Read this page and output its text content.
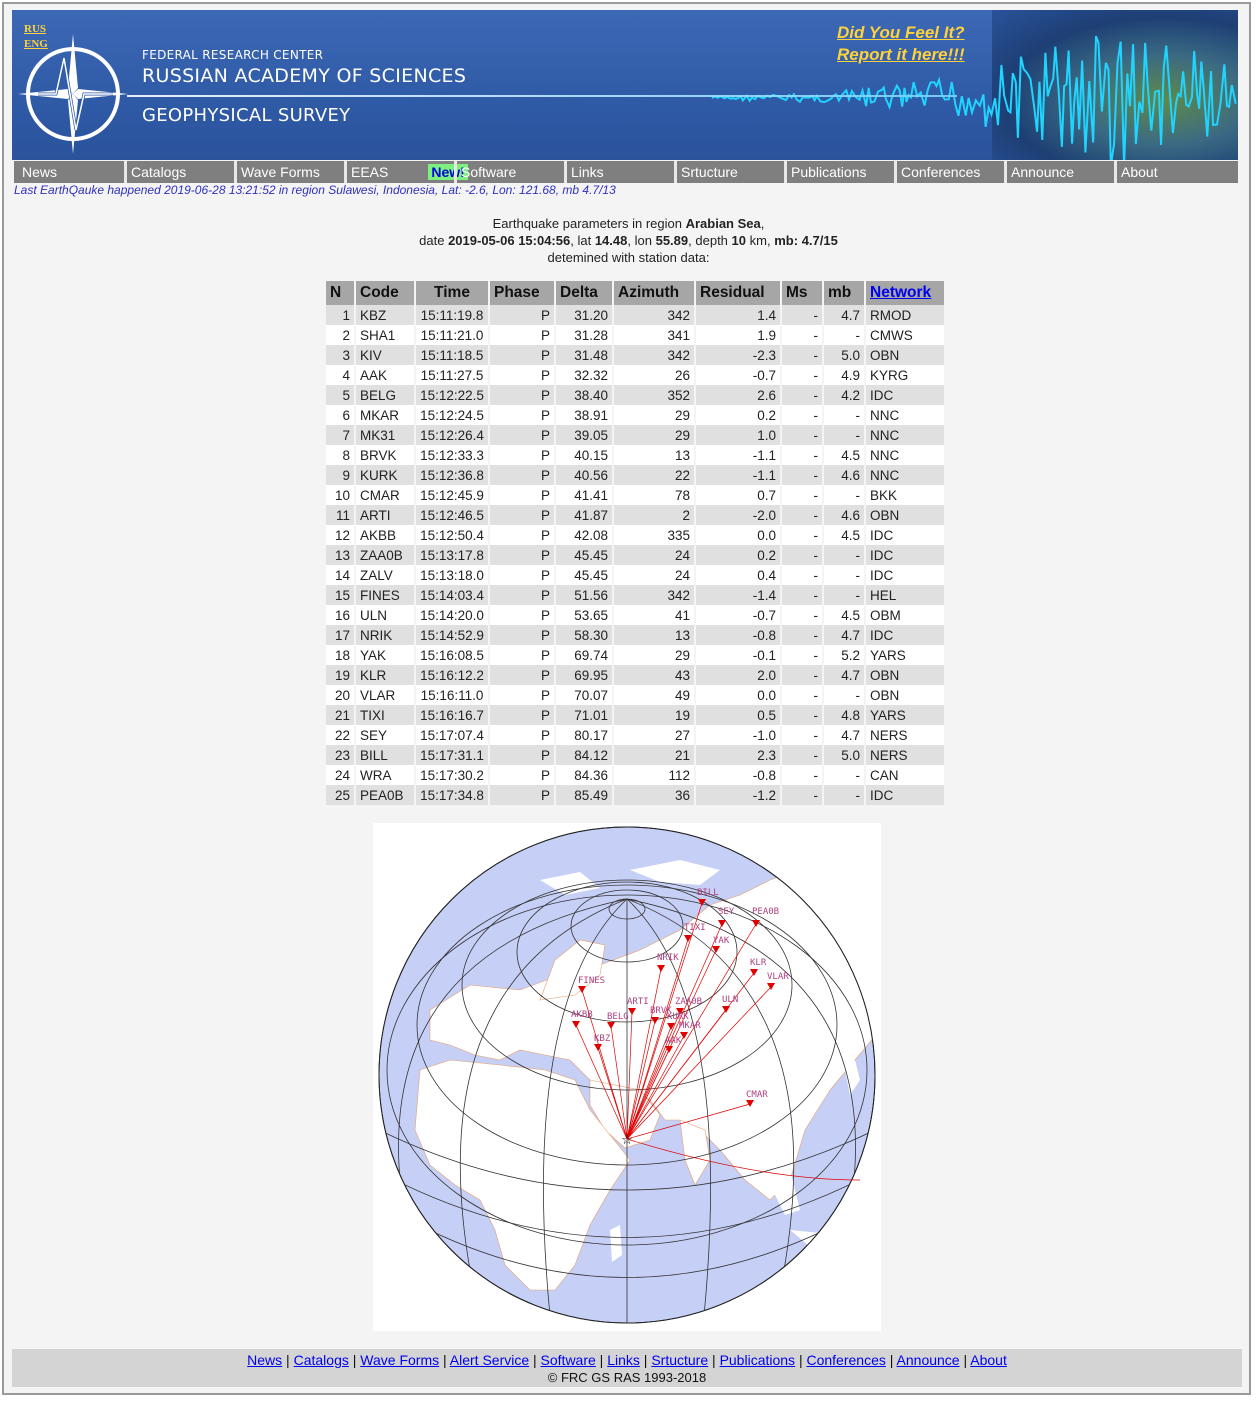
RUS
ENG
FEDERAL RESEARCH CENTER
RUSSIAN ACADEMY OF SCIENCES
GEOPHYSICAL SURVEY
Did You Feel It?
Report it here!!!
News	Catalogs	Wave Forms	EEAS	New!
Software	Links	Srtucture	Publications	Conferences	Announce	About
Last EarthQauke happened 2019-06-28 13:21:52 in region Sulawesi, Indonesia, Lat: -2.6, Lon: 121.68, mb 4.7/13
Earthquake parameters in region Arabian Sea,
date 2019-05-06 15:04:56, lat 14.48, lon 55.89, depth 10 km, mb: 4.7/15
detemined with station data:
N	Code	Time	Phase	Delta	Azimuth	Residual	Ms	mb	Network
1	KBZ	15:11:19.8	P	31.20	342	1.4	-	4.7	RMOD
2	SHA1	15:11:21.0	P	31.28	341	1.9	-	-	CMWS
3	KIV	15:11:18.5	P	31.48	342	-2.3	-	5.0	OBN
4	AAK	15:11:27.5	P	32.32	26	-0.7	-	4.9	KYRG
5	BELG	15:12:22.5	P	38.40	352	2.6	-	4.2	IDC
6	MKAR	15:12:24.5	P	38.91	29	0.2	-	-	NNC
7	MK31	15:12:26.4	P	39.05	29	1.0	-	-	NNC
8	BRVK	15:12:33.3	P	40.15	13	-1.1	-	4.5	NNC
9	KURK	15:12:36.8	P	40.56	22	-1.1	-	4.6	NNC
10	CMAR	15:12:45.9	P	41.41	78	0.7	-	-	BKK
11	ARTI	15:12:46.5	P	41.87	2	-2.0	-	4.6	OBN
12	AKBB	15:12:50.4	P	42.08	335	0.0	-	4.5	IDC
13	ZAA0B	15:13:17.8	P	45.45	24	0.2	-	-	IDC
14	ZALV	15:13:18.0	P	45.45	24	0.4	-	-	IDC
15	FINES	15:14:03.4	P	51.56	342	-1.4	-	-	HEL
16	ULN	15:14:20.0	P	53.65	41	-0.7	-	4.5	OBM
17	NRIK	15:14:52.9	P	58.30	13	-0.8	-	4.7	IDC
18	YAK	15:16:08.5	P	69.74	29	-0.1	-	5.2	YARS
19	KLR	15:16:12.2	P	69.95	43	2.0	-	4.7	OBN
20	VLAR	15:16:11.0	P	70.07	49	0.0	-	-	OBN
21	TIXI	15:16:16.7	P	71.01	19	0.5	-	4.8	YARS
22	SEY	15:17:07.4	P	80.17	27	-1.0	-	4.7	NERS
23	BILL	15:17:31.1	P	84.12	21	2.3	-	5.0	NERS
24	WRA	15:17:30.2	P	84.36	112	-0.8	-	-	CAN
25	PEA0B	15:17:34.8	P	85.49	36	-1.2	-	-	IDC
BILL
SEY PEA0B
TIXI
YAK
NRIK	KLR
VLAR
FINES
ARTI	ZAA0B ULN
BRVK
KURK
MKAR
AKBB BELG
KBZ	AAK
CMAR
☆
News | Catalogs | Wave Forms | Alert Service | Software | Links | Srtucture | Publications | Conferences | Announce | About
© FRC GS RAS 1993-2018
